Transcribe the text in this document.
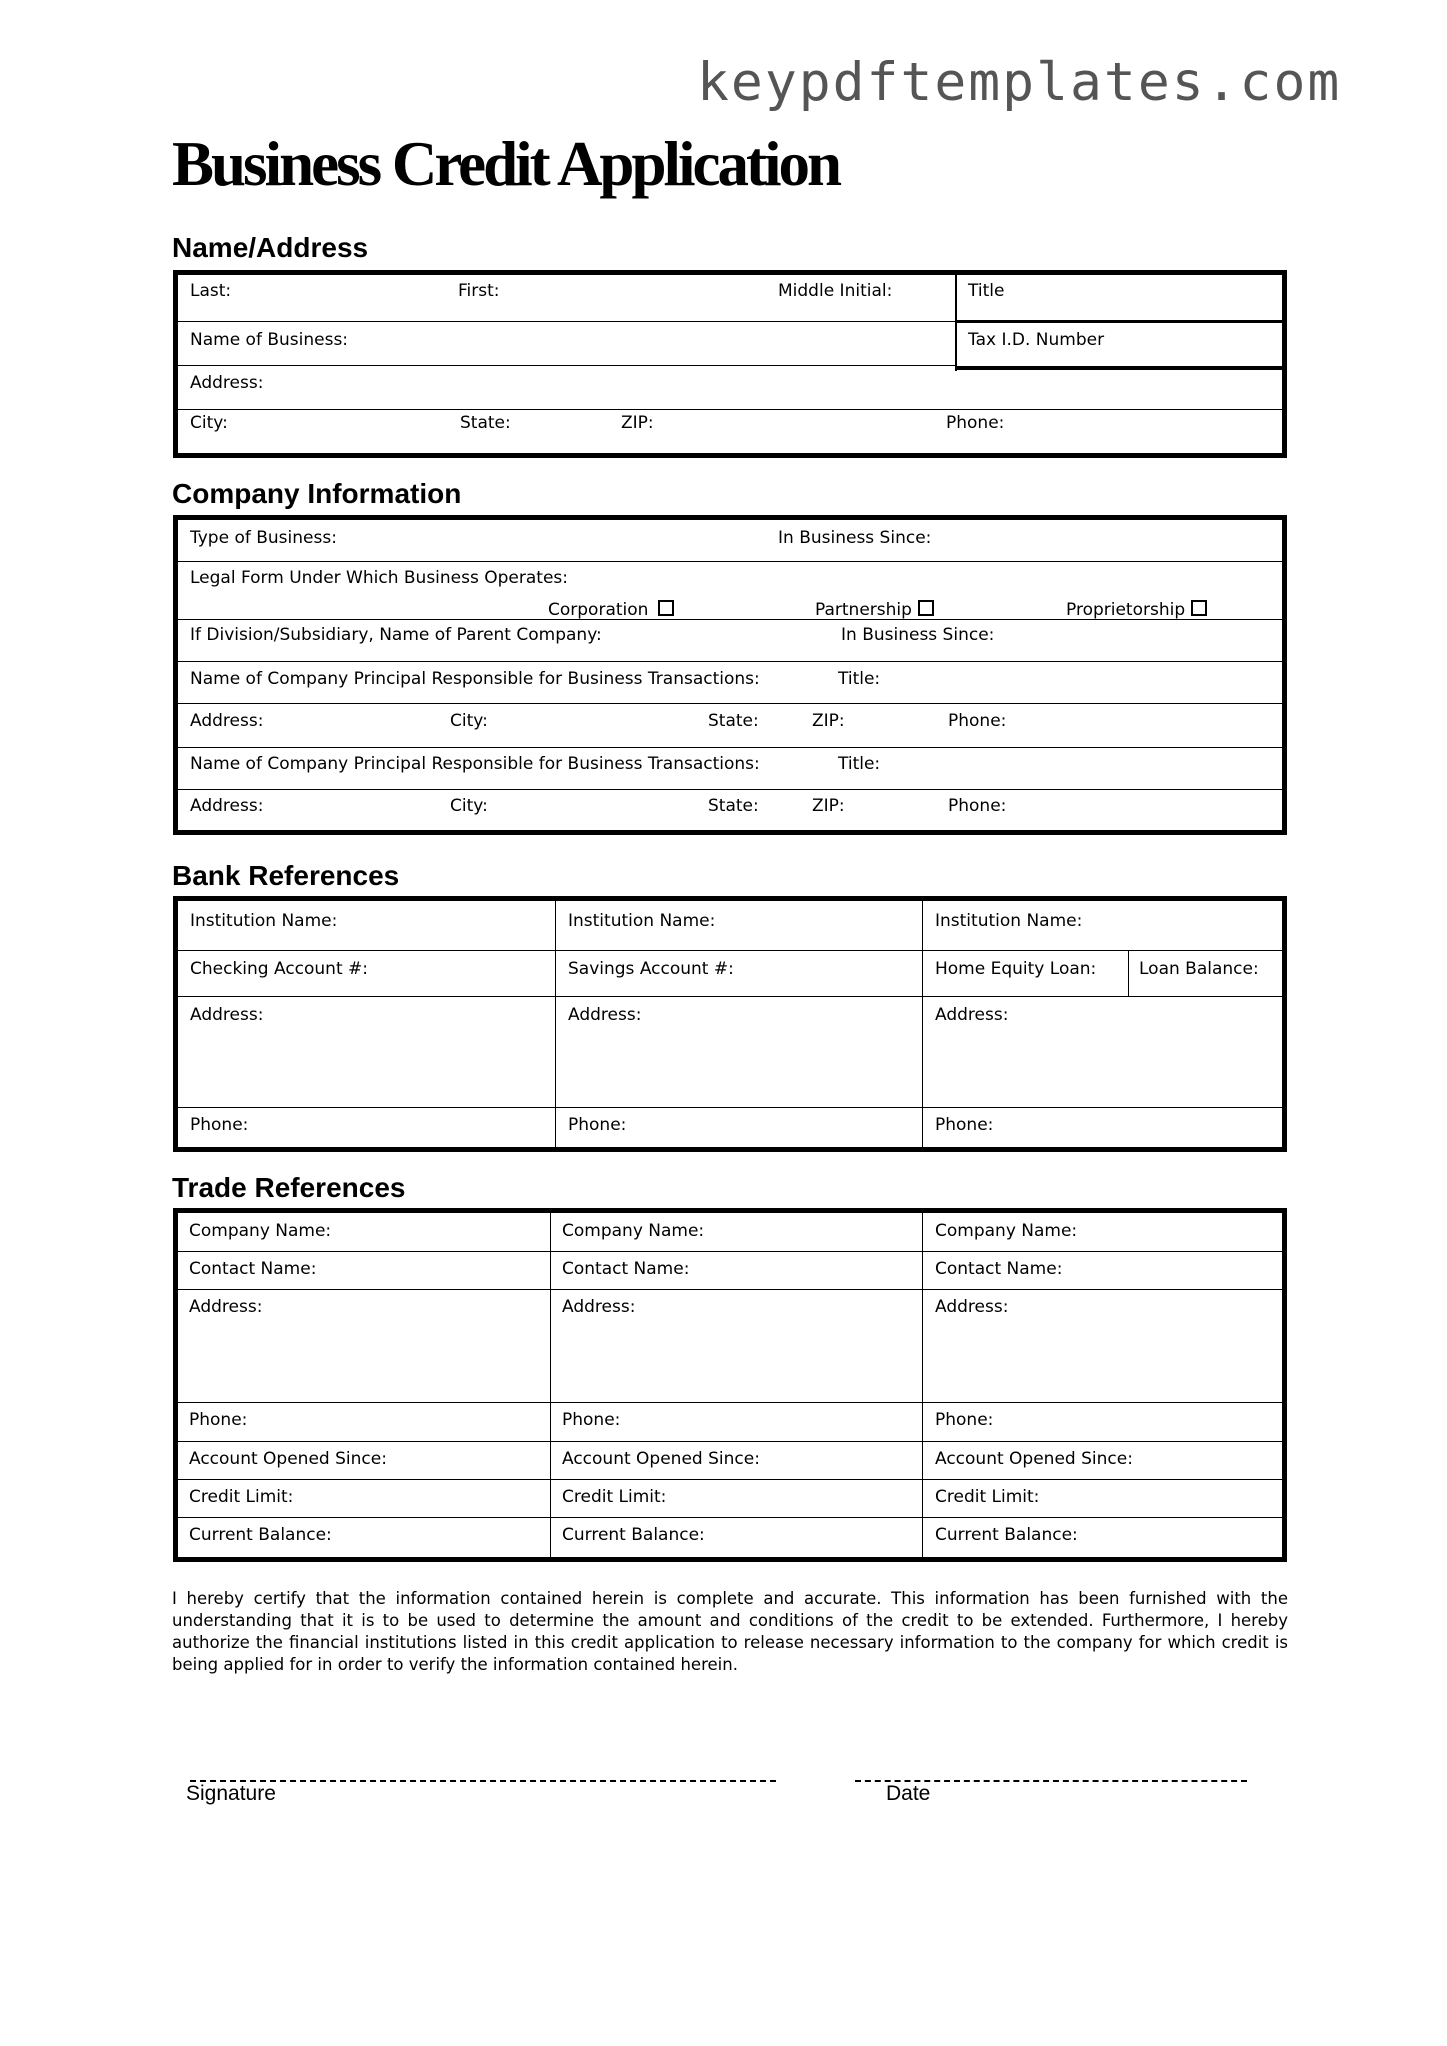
keypdftemplates.com
Business Credit Application
Name/Address
Last:	First:	Middle Initial:	Title
Name of Business:	Tax I.D. Number
Address:
City:	State:	ZIP:	Phone:
Company Information
Type of Business:	In Business Since:
Legal Form Under Which Business Operates:
Corporation	Partnership	Proprietorship
If Division/Subsidiary, Name of Parent Company:	In Business Since:
Name of Company Principal Responsible for Business Transactions:	Title:
Address:	City:	State:	ZIP:	Phone:
Name of Company Principal Responsible for Business Transactions:	Title:
Address:	City:	State:	ZIP:	Phone:
Bank References
Institution Name:	Institution Name:	Institution Name:
Checking Account #:	Savings Account #:	Home Equity Loan:	Loan Balance:
Address:	Address:	Address:
Phone:	Phone:	Phone:
Trade References
Company Name:	Company Name:	Company Name:
Contact Name:	Contact Name:	Contact Name:
Address:	Address:	Address:
Phone:	Phone:	Phone:
Account Opened Since:	Account Opened Since:	Account Opened Since:
Credit Limit:	Credit Limit:	Credit Limit:
Current Balance:	Current Balance:	Current Balance:

I hereby certify that the information contained herein is complete and accurate. This information has been furnished with the understanding that it is to be used to determine the amount and conditions of the credit to be extended. Furthermore, I hereby authorize the financial institutions listed in this credit application to release necessary information to the company for which credit is being applied for in order to verify the information contained herein.

Signature	Date
